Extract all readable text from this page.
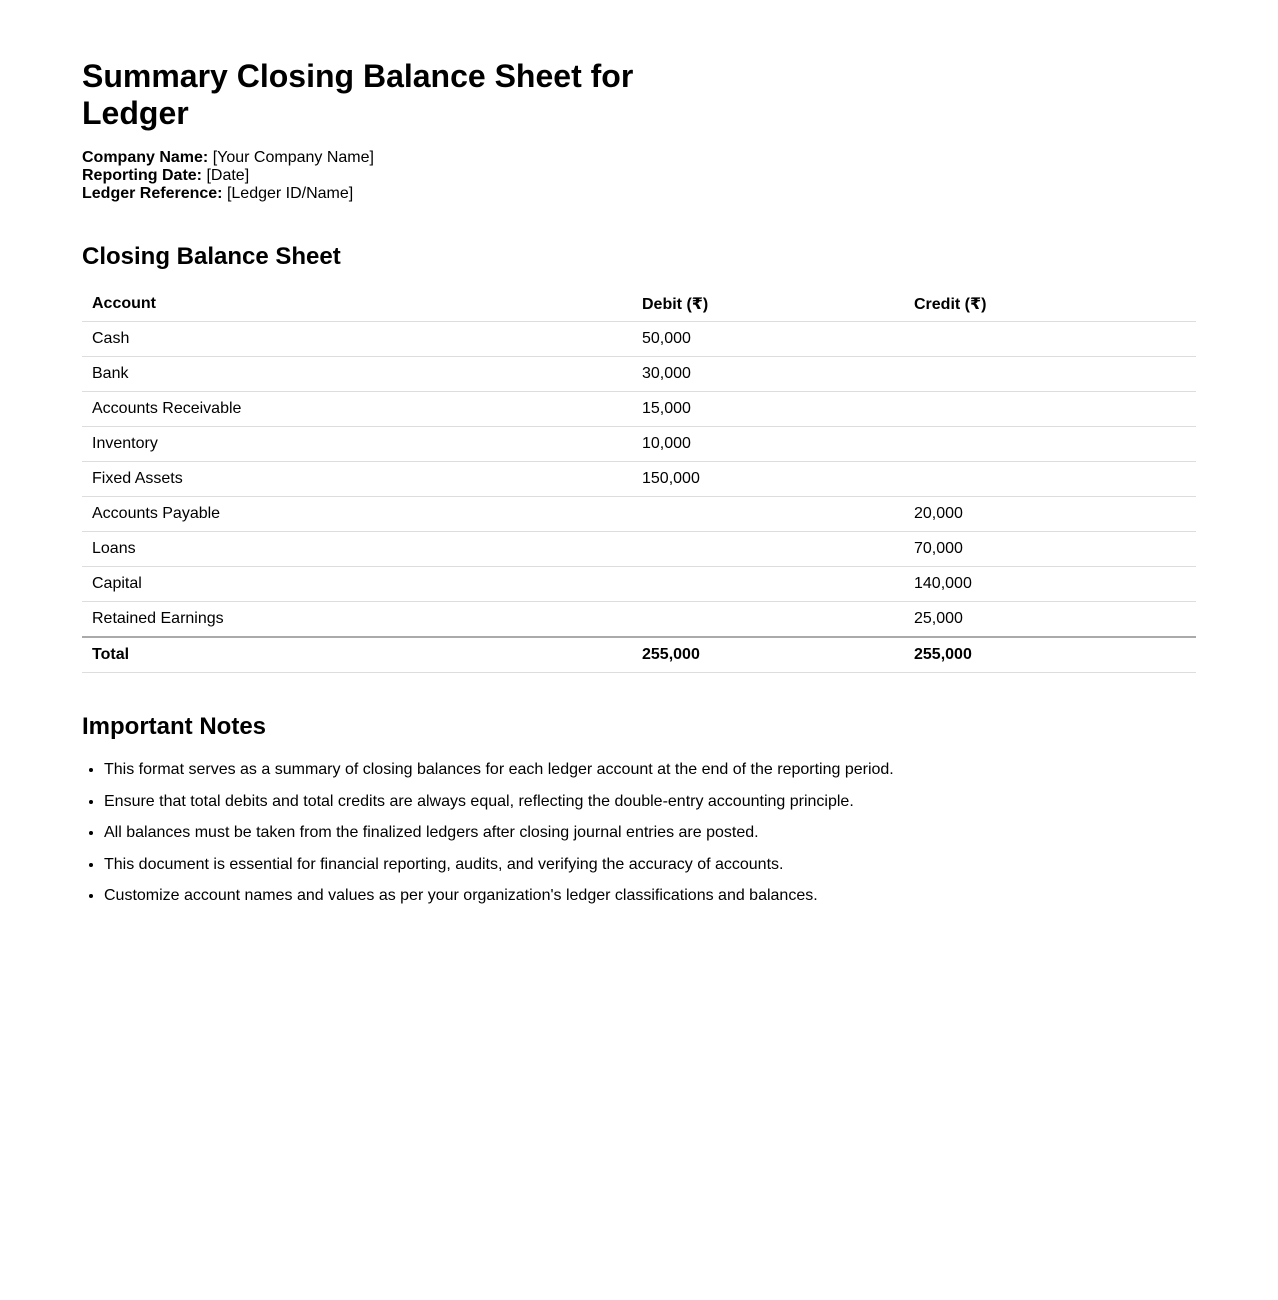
Summary Closing Balance Sheet for Ledger
Company Name: [Your Company Name]
Reporting Date: [Date]
Ledger Reference: [Ledger ID/Name]
Closing Balance Sheet
Account	Debit (₹)	Credit (₹)
Cash	50,000	
Bank	30,000	
Accounts Receivable	15,000	
Inventory	10,000	
Fixed Assets	150,000	
Accounts Payable		20,000
Loans		70,000
Capital		140,000
Retained Earnings		25,000
Total	255,000	255,000
Important Notes
• This format serves as a summary of closing balances for each ledger account at the end of the reporting period.
• Ensure that total debits and total credits are always equal, reflecting the double-entry accounting principle.
• All balances must be taken from the finalized ledgers after closing journal entries are posted.
• This document is essential for financial reporting, audits, and verifying the accuracy of accounts.
• Customize account names and values as per your organization's ledger classifications and balances.
